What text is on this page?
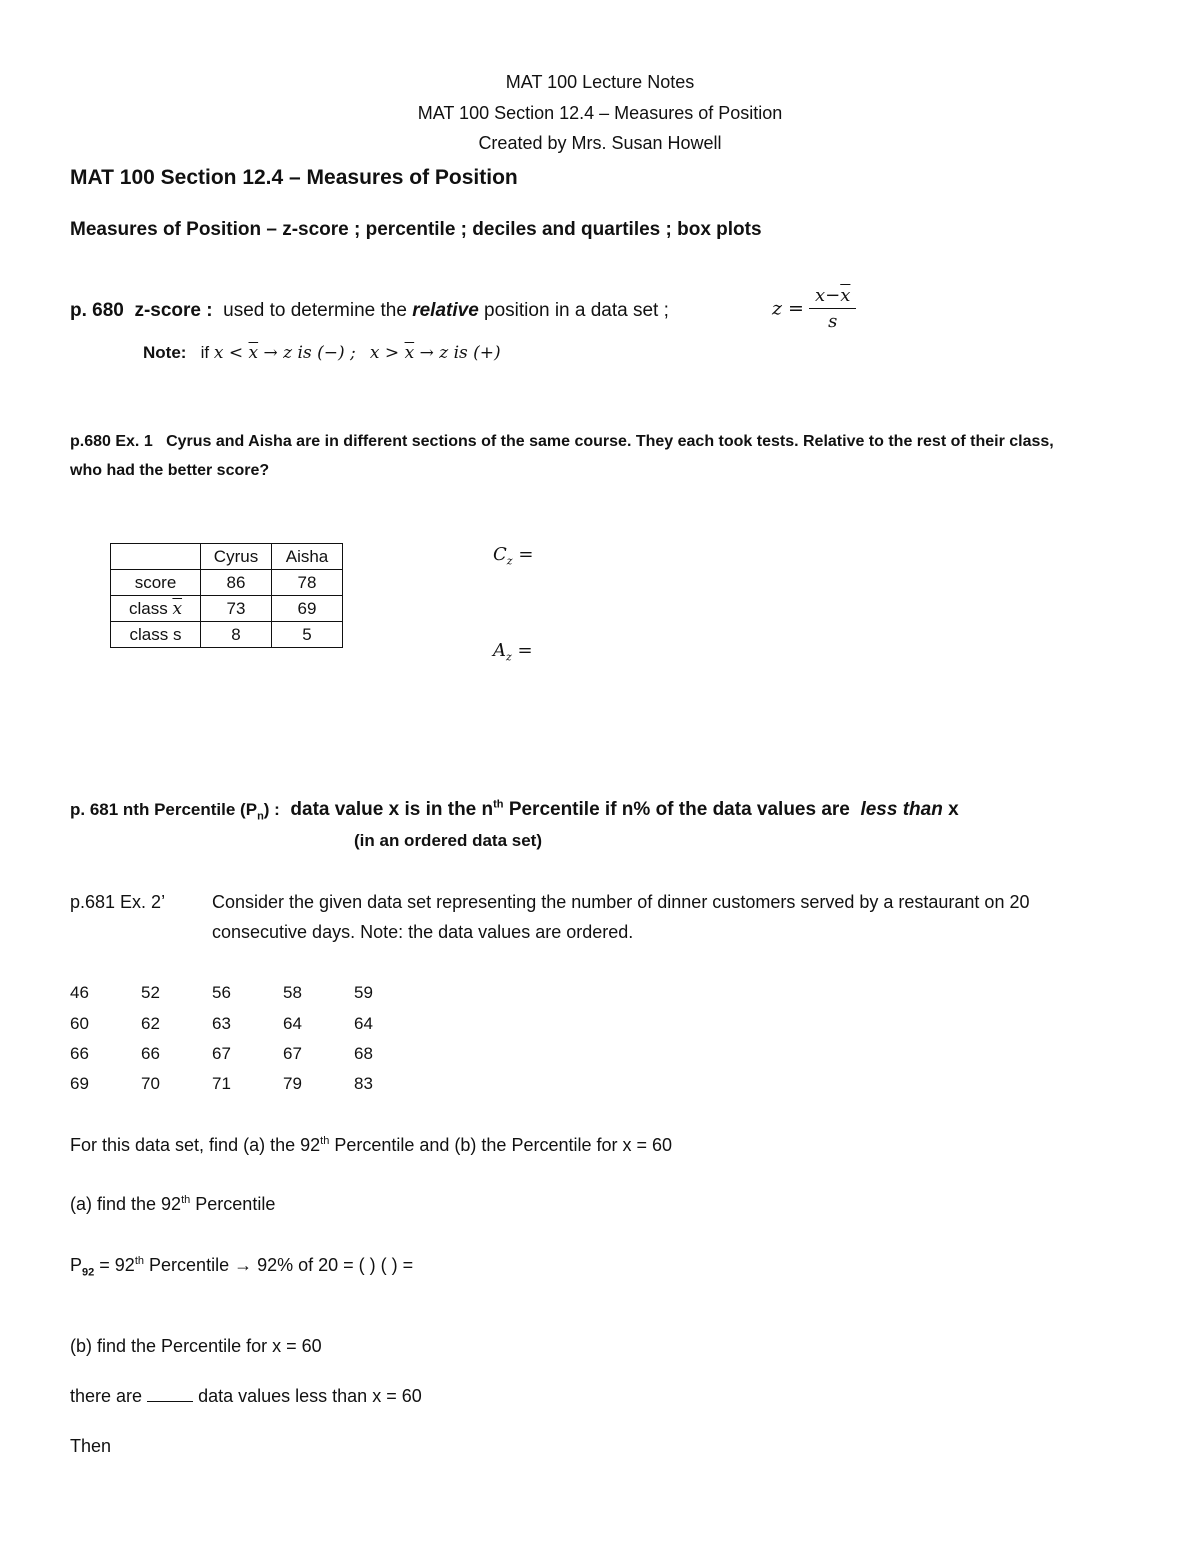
MAT 100 Lecture Notes
MAT 100 Section 12.4 – Measures of Position
Created by Mrs. Susan Howell
MAT 100 Section 12.4 – Measures of Position
Measures of Position – z-score ; percentile ; deciles and quartiles ; box plots
p. 680 z-score : used to determine the relative position in a data set ;	$z = \frac{x-\overline{x}}{s}$
Note: if $x < \overline{x} \to z$ is (−) ; $x > \overline{x} \to z$ is (+)
p.680 Ex. 1 Cyrus and Aisha are in different sections of the same course. They each took tests. Relative to the rest of their class,
who had the better score?
	Cyrus	Aisha
score	86	78
class $\overline{x}$	73	69
class s	8	5
$C_z$ =
$A_z$ =
p. 681 nth Percentile $(P_n)$ : data value x is in the $n^{th}$ Percentile if n% of the data values are less than x
(in an ordered data set)
p.681 Ex. 2’	Consider the given data set representing the number of dinner customers served by a restaurant on 20
consecutive days. Note: the data values are ordered.
46	52	56	58	59
60	62	63	64	64
66	66	67	67	68
69	70	71	79	83
For this data set, find (a) the 92th Percentile and (b) the Percentile for x = 60
(a) find the 92th Percentile
$P_{92} = 92th$ Percentile → 92% of 20 = ( ) ( ) =
(b) find the Percentile for x = 60
there are	data values less than x = 60
Then
